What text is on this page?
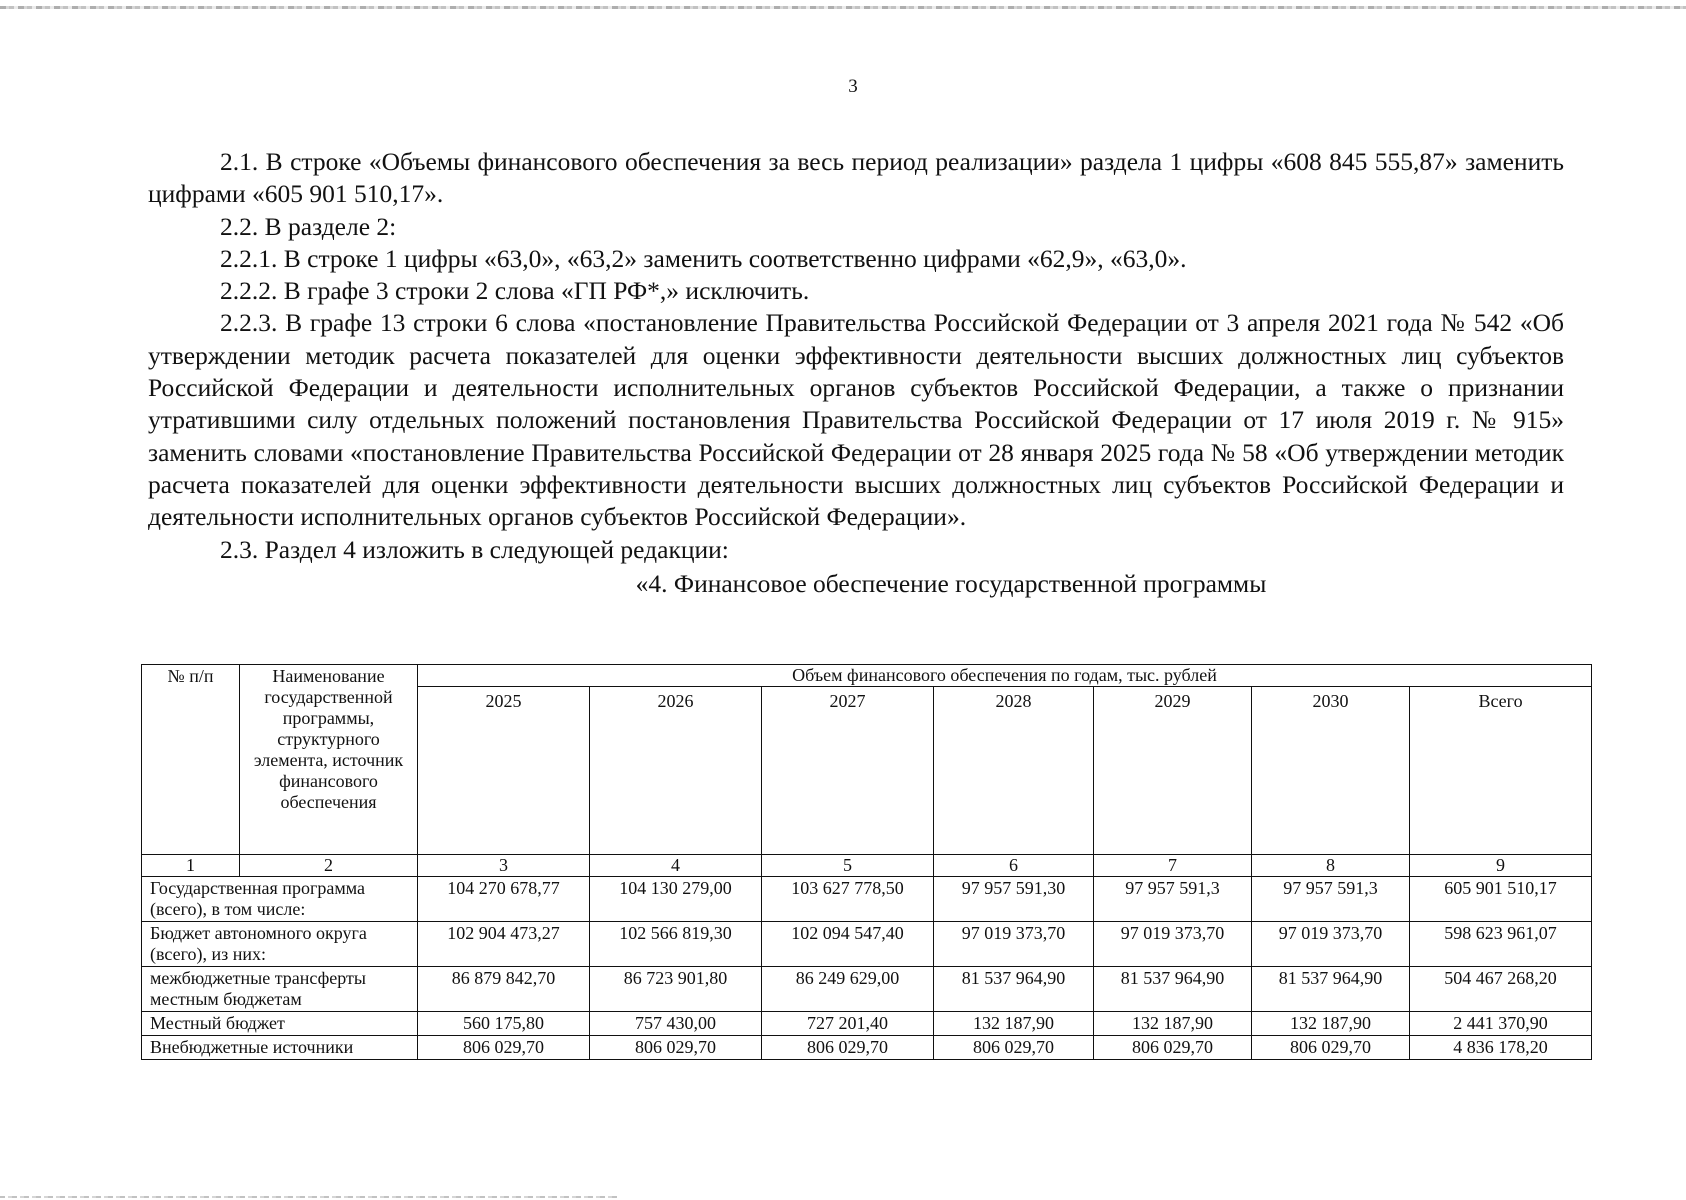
3

2.1. В строке «Объемы финансового обеспечения за весь период реализации» раздела 1 цифры «608 845 555,87» заменить цифрами «605 901 510,17».

2.2. В разделе 2:

2.2.1. В строке 1 цифры «63,0», «63,2» заменить соответственно цифрами «62,9», «63,0».

2.2.2. В графе 3 строки 2 слова «ГП РФ*,» исключить.

2.2.3. В графе 13 строки 6 слова «постановление Правительства Российской Федерации от 3 апреля 2021 года № 542 «Об утверждении методик расчета показателей для оценки эффективности деятельности высших должностных лиц субъектов Российской Федерации и деятельности исполнительных органов субъектов Российской Федерации, а также о признании утратившими силу отдельных положений постановления Правительства Российской Федерации от 17 июля 2019 г. № 915» заменить словами «постановление Правительства Российской Федерации от 28 января 2025 года № 58 «Об утверждении методик расчета показателей для оценки эффективности деятельности высших должностных лиц субъектов Российской Федерации и деятельности исполнительных органов субъектов Российской Федерации».

2.3. Раздел 4 изложить в следующей редакции:

«4. Финансовое обеспечение государственной программы

№ п/п	Наименование государственной программы, структурного элемента, источник финансового обеспечения	Объем финансового обеспечения по годам, тыс. рублей						
		2025	2026	2027	2028	2029	2030	Всего
1	2	3	4	5	6	7	8	9
Государственная программа (всего), в том числе:		104 270 678,77	104 130 279,00	103 627 778,50	97 957 591,30	97 957 591,3	97 957 591,3	605 901 510,17
Бюджет автономного округа (всего), из них:		102 904 473,27	102 566 819,30	102 094 547,40	97 019 373,70	97 019 373,70	97 019 373,70	598 623 961,07
межбюджетные трансферты местным бюджетам		86 879 842,70	86 723 901,80	86 249 629,00	81 537 964,90	81 537 964,90	81 537 964,90	504 467 268,20
Местный бюджет		560 175,80	757 430,00	727 201,40	132 187,90	132 187,90	132 187,90	2 441 370,90
Внебюджетные источники		806 029,70	806 029,70	806 029,70	806 029,70	806 029,70	806 029,70	4 836 178,20
